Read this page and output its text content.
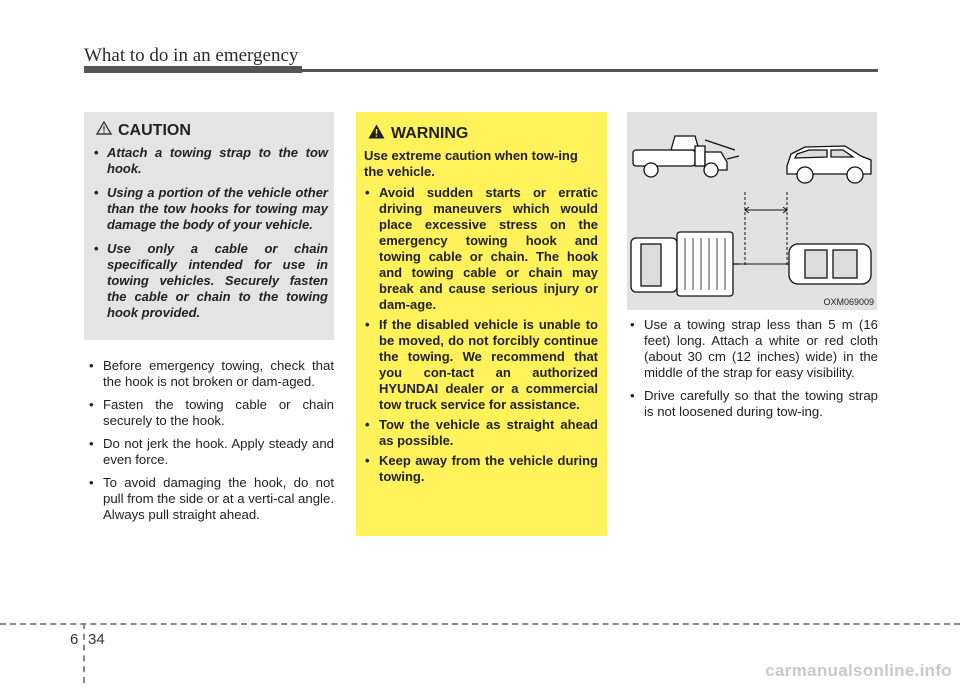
What to do in an emergency
CAUTION
• Attach a towing strap to the tow hook.
• Using a portion of the vehicle other than the tow hooks for towing may damage the body of your vehicle.
• Use only a cable or chain specifically intended for use in towing vehicles. Securely fasten the cable or chain to the towing hook provided.
• Before emergency towing, check that the hook is not broken or dam-aged.
• Fasten the towing cable or chain securely to the hook.
• Do not jerk the hook. Apply steady and even force.
• To avoid damaging the hook, do not pull from the side or at a verti-cal angle. Always pull straight ahead.
WARNING

Use extreme caution when tow-ing the vehicle.

• Avoid sudden starts or erratic driving maneuvers which would place excessive stress on the emergency towing hook and towing cable or chain. The hook and towing cable or chain may break and cause serious injury or dam-age.
• If the disabled vehicle is unable to be moved, do not forcibly continue the towing. We recommend that you con-tact an authorized HYUNDAI dealer or a commercial tow truck service for assistance.
• Tow the vehicle as straight ahead as possible.
• Keep away from the vehicle during towing.
OXM069009
• Use a towing strap less than 5 m (16 feet) long. Attach a white or red cloth (about 30 cm (12 inches) wide) in the middle of the strap for easy visibility.
• Drive carefully so that the towing strap is not loosened during tow-ing.
6 34
carmanualsonline.info
